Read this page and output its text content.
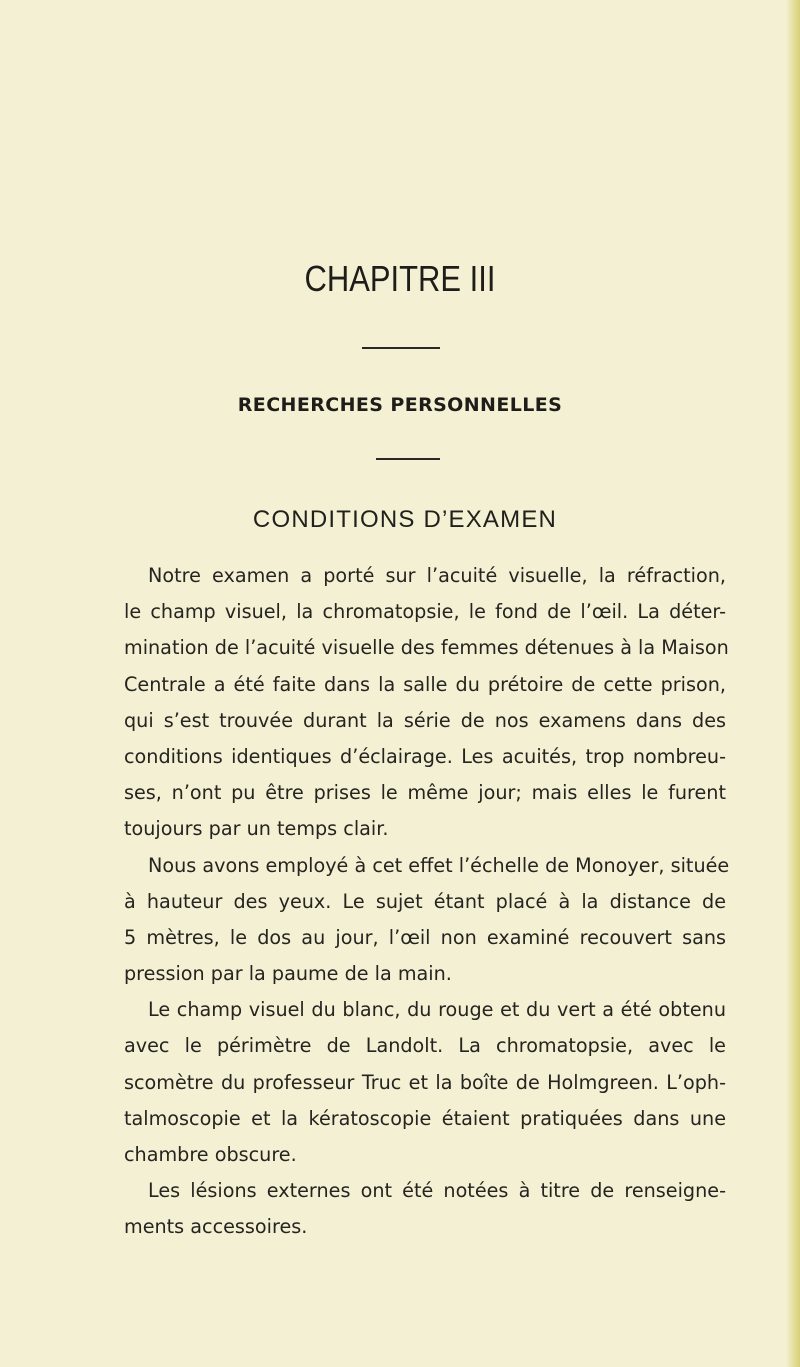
CHAPITRE III
RECHERCHES PERSONNELLES
CONDITIONS D’EXAMEN
Notre examen a porté sur l’acuité visuelle, la réfraction,
le champ visuel, la chromatopsie, le fond de l’œil. La déter-
mination de l’acuité visuelle des femmes détenues à la Maison
Centrale a été faite dans la salle du prétoire de cette prison,
qui s’est trouvée durant la série de nos examens dans des
conditions identiques d’éclairage. Les acuités, trop nombreu-
ses, n’ont pu être prises le même jour; mais elles le furent
toujours par un temps clair.
Nous avons employé à cet effet l’échelle de Monoyer, située
à hauteur des yeux. Le sujet étant placé à la distance de
5 mètres, le dos au jour, l’œil non examiné recouvert sans
pression par la paume de la main.
Le champ visuel du blanc, du rouge et du vert a été obtenu
avec le périmètre de Landolt. La chromatopsie, avec le
scomètre du professeur Truc et la boîte de Holmgreen. L’oph-
talmoscopie et la kératoscopie étaient pratiquées dans une
chambre obscure.
Les lésions externes ont été notées à titre de renseigne-
ments accessoires.
